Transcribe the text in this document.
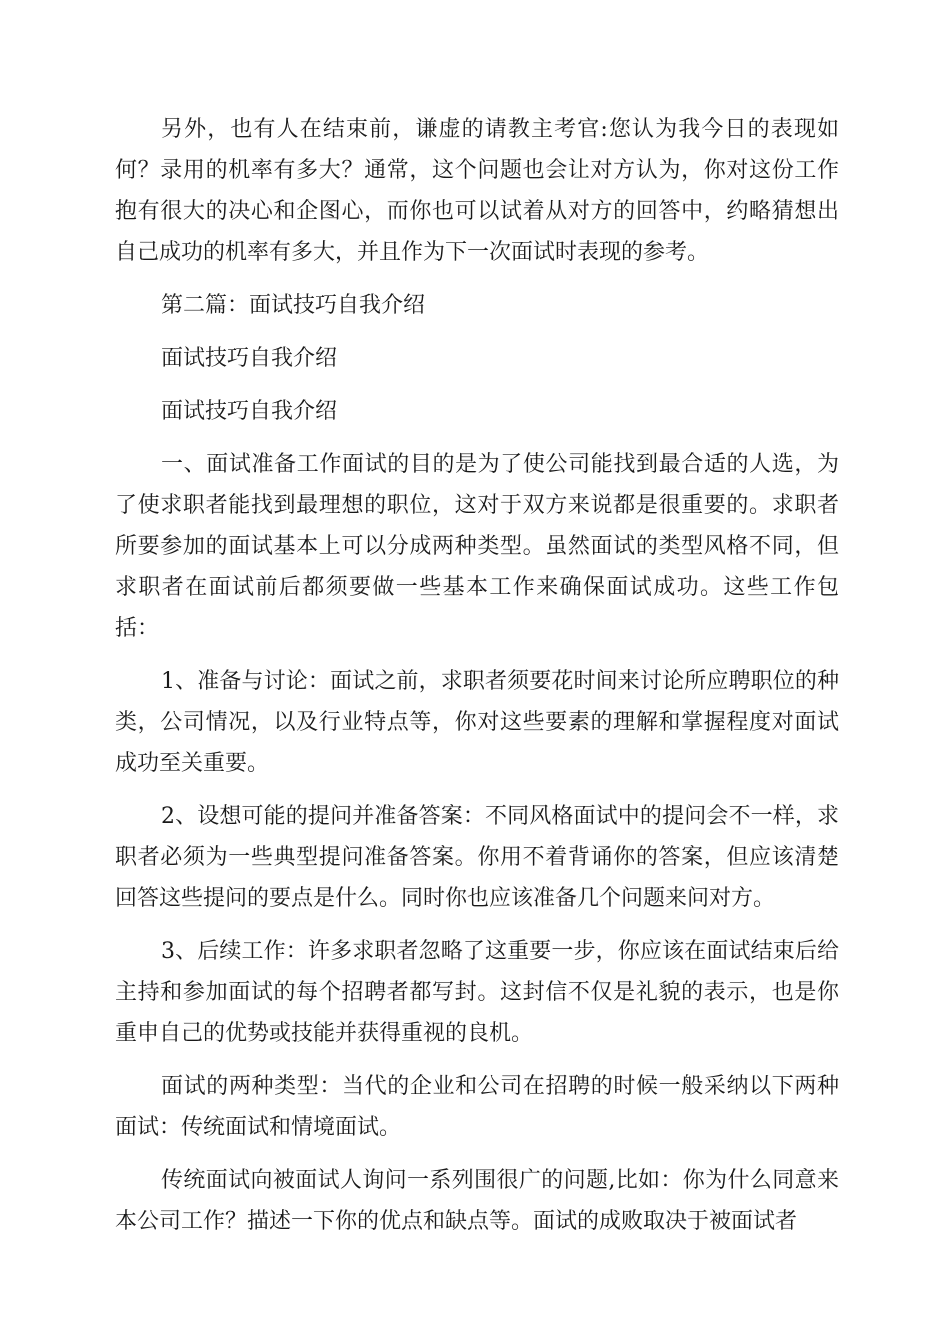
另外，也有人在结束前，谦虚的请教主考官:您认为我今日的表现如何？录用的机率有多大？通常，这个问题也会让对方认为，你对这份工作抱有很大的决心和企图心，而你也可以试着从对方的回答中，约略猜想出自己成功的机率有多大，并且作为下一次面试时表现的参考。

第二篇：面试技巧自我介绍

面试技巧自我介绍

面试技巧自我介绍

一、面试准备工作面试的目的是为了使公司能找到最合适的人选，为了使求职者能找到最理想的职位，这对于双方来说都是很重要的。求职者所要参加的面试基本上可以分成两种类型。虽然面试的类型风格不同，但求职者在面试前后都须要做一些基本工作来确保面试成功。这些工作包括：

1、准备与讨论：面试之前，求职者须要花时间来讨论所应聘职位的种类，公司情况，以及行业特点等，你对这些要素的理解和掌握程度对面试成功至关重要。

2、设想可能的提问并准备答案：不同风格面试中的提问会不一样，求职者必须为一些典型提问准备答案。你用不着背诵你的答案，但应该清楚回答这些提问的要点是什么。同时你也应该准备几个问题来问对方。

3、后续工作：许多求职者忽略了这重要一步，你应该在面试结束后给主持和参加面试的每个招聘者都写封。这封信不仅是礼貌的表示，也是你重申自己的优势或技能并获得重视的良机。

面试的两种类型：当代的企业和公司在招聘的时候一般采纳以下两种面试：传统面试和情境面试。

传统面试向被面试人询问一系列围很广的问题,比如：你为什么同意来本公司工作？描述一下你的优点和缺点等。面试的成败取决于被面试者
